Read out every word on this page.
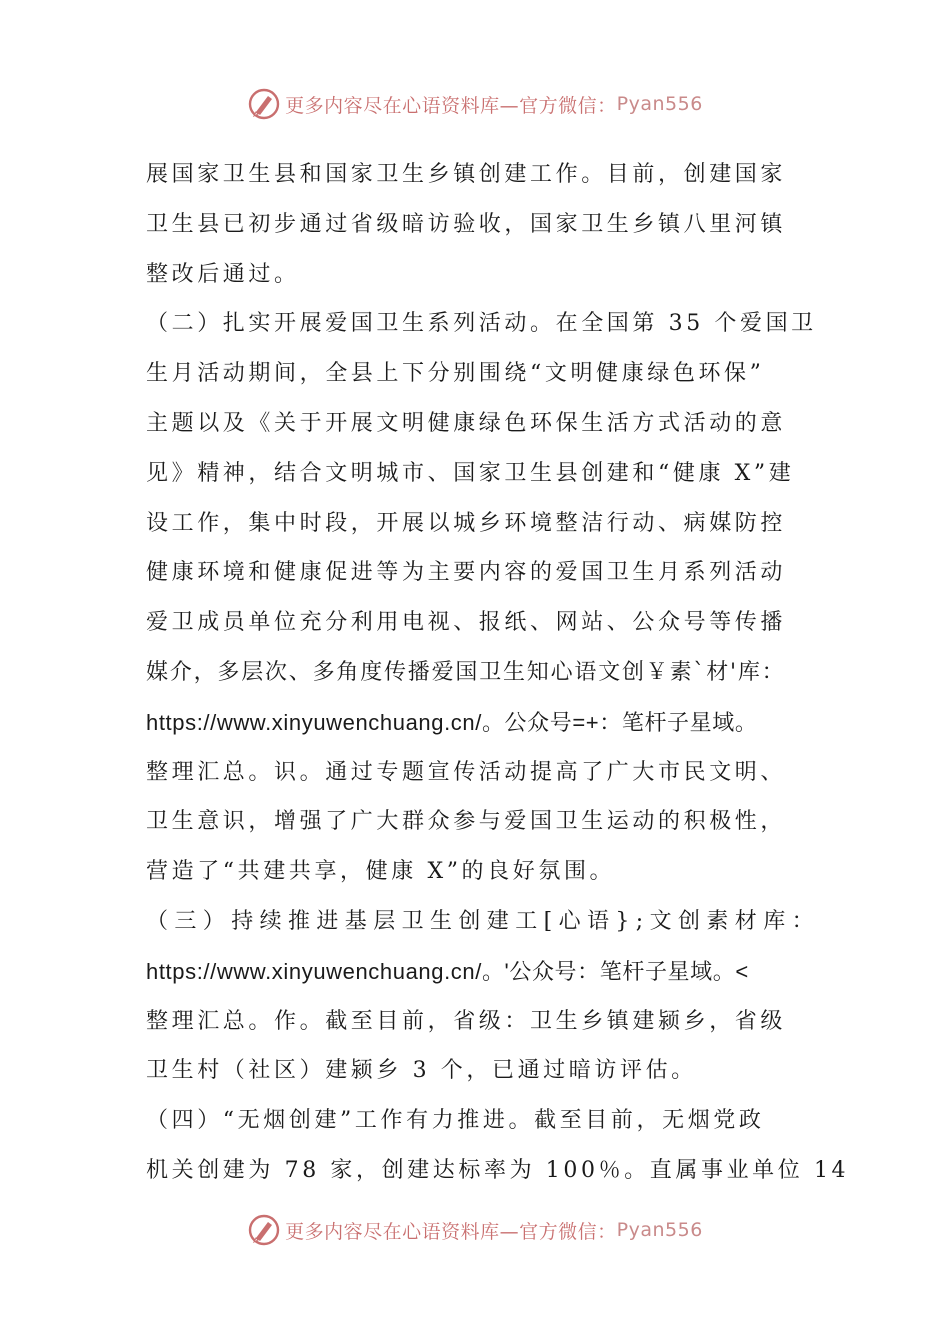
更多内容尽在心语资料库—官方微信： Pyan556
展国家卫生县和国家卫生乡镇创建工作。目前，创建国家
卫生县已初步通过省级暗访验收，国家卫生乡镇八里河镇
整改后通过。
（二）扎实开展爱国卫生系列活动。在全国第 35 个爱国卫
生月活动期间，全县上下分别围绕“文明健康绿色环保”
主题以及《关于开展文明健康绿色环保生活方式活动的意
见》精神，结合文明城市、国家卫生县创建和“健康 X”建
设工作，集中时段，开展以城乡环境整洁行动、病媒防控
健康环境和健康促进等为主要内容的爱国卫生月系列活动
爱卫成员单位充分利用电视、报纸、网站、公众号等传播
媒介，多层次、多角度传播爱国卫生知心语文创￥素`材'库：
https://www.xinyuwenchuang.cn/。公众号=+：笔杆子星域。
整理汇总。识。通过专题宣传活动提高了广大市民文明、
卫生意识，增强了广大群众参与爱国卫生运动的积极性，
营造了“共建共享，健康 X”的良好氛围。
（三）持续推进基层卫生创建工[心语};文创素材库：
https://www.xinyuwenchuang.cn/。'公众号：笔杆子星域。<
整理汇总。作。截至目前，省级：卫生乡镇建颍乡，省级
卫生村（社区）建颍乡 3 个，已通过暗访评估。
（四）“无烟创建”工作有力推进。截至目前，无烟党政
机关创建为 78 家，创建达标率为 100％。直属事业单位 14
更多内容尽在心语资料库—官方微信： Pyan556
